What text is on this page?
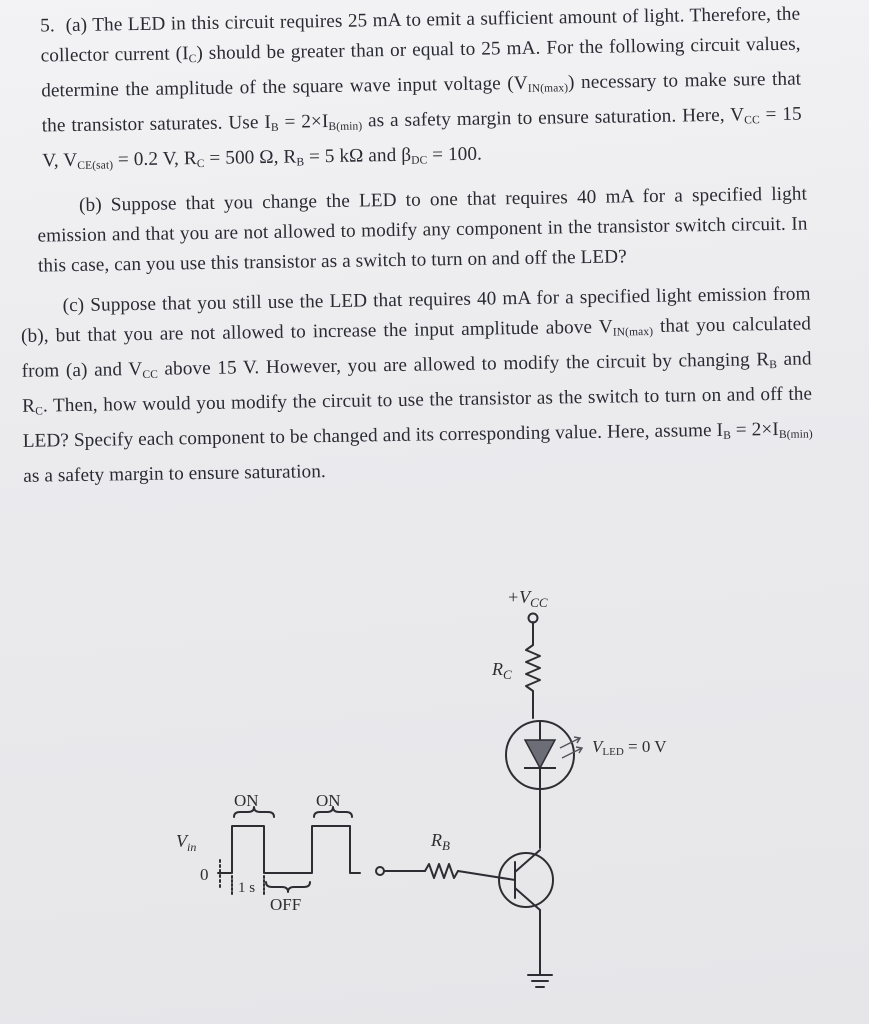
5. (a) The LED in this circuit requires 25 mA to emit a sufficient amount of light. Therefore, the collector current $(I_C)$ should be greater than or equal to 25 mA. For the following circuit values, determine the amplitude of the square wave input voltage $(V_{IN(max)})$ necessary to make sure that the transistor saturates. Use $I_B = 2\times I_{B(min)}$ as a safety margin to ensure saturation. Here, $V_{CC} = 15$ V, $V_{CE(sat)} = 0.2$ V, $R_C = 500$ Ω, $R_B = 5$ kΩ and $\beta_{DC} = 100$.

(b) Suppose that you change the LED to one that requires 40 mA for a specified light emission and that you are not allowed to modify any component in the transistor switch circuit. In this case, can you use this transistor as a switch to turn on and off the LED?

(c) Suppose that you still use the LED that requires 40 mA for a specified light emission from (b), but that you are not allowed to increase the input amplitude above $V_{IN(max)}$ that you calculated from (a) and $V_{CC}$ above 15 V. However, you are allowed to modify the circuit by changing $R_B$ and $R_C$. Then, how would you modify the circuit to use the transistor as the switch to turn on and off the LED? Specify each component to be changed and its corresponding value. Here, assume $I_B = 2\times I_{B(min)}$ as a safety margin to ensure saturation.

$+V_{CC}$
$R_C$
$R_B$
VLED = 0 V
$V_{in}$
0
ON	ON
OFF
1 s
